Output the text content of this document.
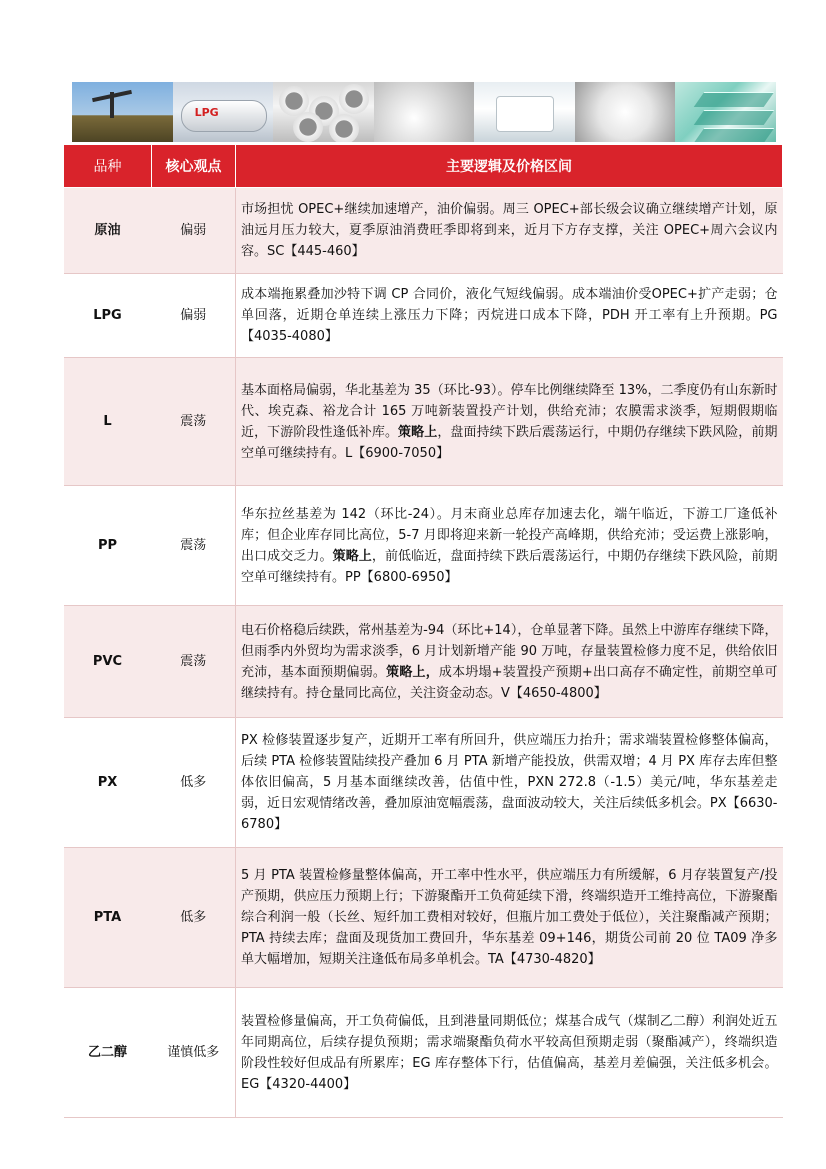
LPG
品种	核心观点	主要逻辑及价格区间
原油	偏弱	市场担忧 OPEC+继续加速增产，油价偏弱。周三 OPEC+部长级会议确立继续增产计划，原油远月压力较大，夏季原油消费旺季即将到来，近月下方存支撑，关注 OPEC+周六会议内容。SC【445-460】
LPG	偏弱	成本端拖累叠加沙特下调 CP 合同价，液化气短线偏弱。成本端油价受OPEC+扩产走弱；仓单回落，近期仓单连续上涨压力下降；丙烷进口成本下降，PDH 开工率有上升预期。PG【4035-4080】
L	震荡	基本面格局偏弱，华北基差为 35（环比-93）。停车比例继续降至 13%，二季度仍有山东新时代、埃克森、裕龙合计 165 万吨新装置投产计划，供给充沛；农膜需求淡季，短期假期临近，下游阶段性逢低补库。策略上，盘面持续下跌后震荡运行，中期仍存继续下跌风险，前期空单可继续持有。L【6900-7050】
PP	震荡	华东拉丝基差为 142（环比-24）。月末商业总库存加速去化，端午临近，下游工厂逢低补库；但企业库存同比高位，5-7 月即将迎来新一轮投产高峰期，供给充沛；受运费上涨影响，出口成交乏力。策略上，前低临近，盘面持续下跌后震荡运行，中期仍存继续下跌风险，前期空单可继续持有。PP【6800-6950】
PVC	震荡	电石价格稳后续跌，常州基差为-94（环比+14），仓单显著下降。虽然上中游库存继续下降，但雨季内外贸均为需求淡季，6 月计划新增产能 90 万吨，存量装置检修力度不足，供给依旧充沛，基本面预期偏弱。策略上，成本坍塌+装置投产预期+出口高存不确定性，前期空单可继续持有。持仓量同比高位，关注资金动态。V【4650-4800】
PX	低多	PX 检修装置逐步复产，近期开工率有所回升，供应端压力抬升；需求端装置检修整体偏高，后续 PTA 检修装置陆续投产叠加 6 月 PTA 新增产能投放，供需双增；4 月 PX 库存去库但整体依旧偏高，5 月基本面继续改善，估值中性，PXN 272.8（-1.5）美元/吨，华东基差走弱，近日宏观情绪改善，叠加原油宽幅震荡，盘面波动较大，关注后续低多机会。PX【6630-6780】
PTA	低多	5 月 PTA 装置检修量整体偏高，开工率中性水平，供应端压力有所缓解，6 月存装置复产/投产预期，供应压力预期上行；下游聚酯开工负荷延续下滑，终端织造开工维持高位，下游聚酯综合利润一般（长丝、短纤加工费相对较好，但瓶片加工费处于低位），关注聚酯减产预期；PTA 持续去库；盘面及现货加工费回升，华东基差 09+146，期货公司前 20 位 TA09 净多单大幅增加，短期关注逢低布局多单机会。TA【4730-4820】
乙二醇	谨慎低多	装置检修量偏高，开工负荷偏低，且到港量同期低位；煤基合成气（煤制乙二醇）利润处近五年同期高位，后续存提负预期；需求端聚酯负荷水平较高但预期走弱（聚酯减产），终端织造阶段性较好但成品有所累库；EG 库存整体下行，估值偏高，基差月差偏强，关注低多机会。EG【4320-4400】
